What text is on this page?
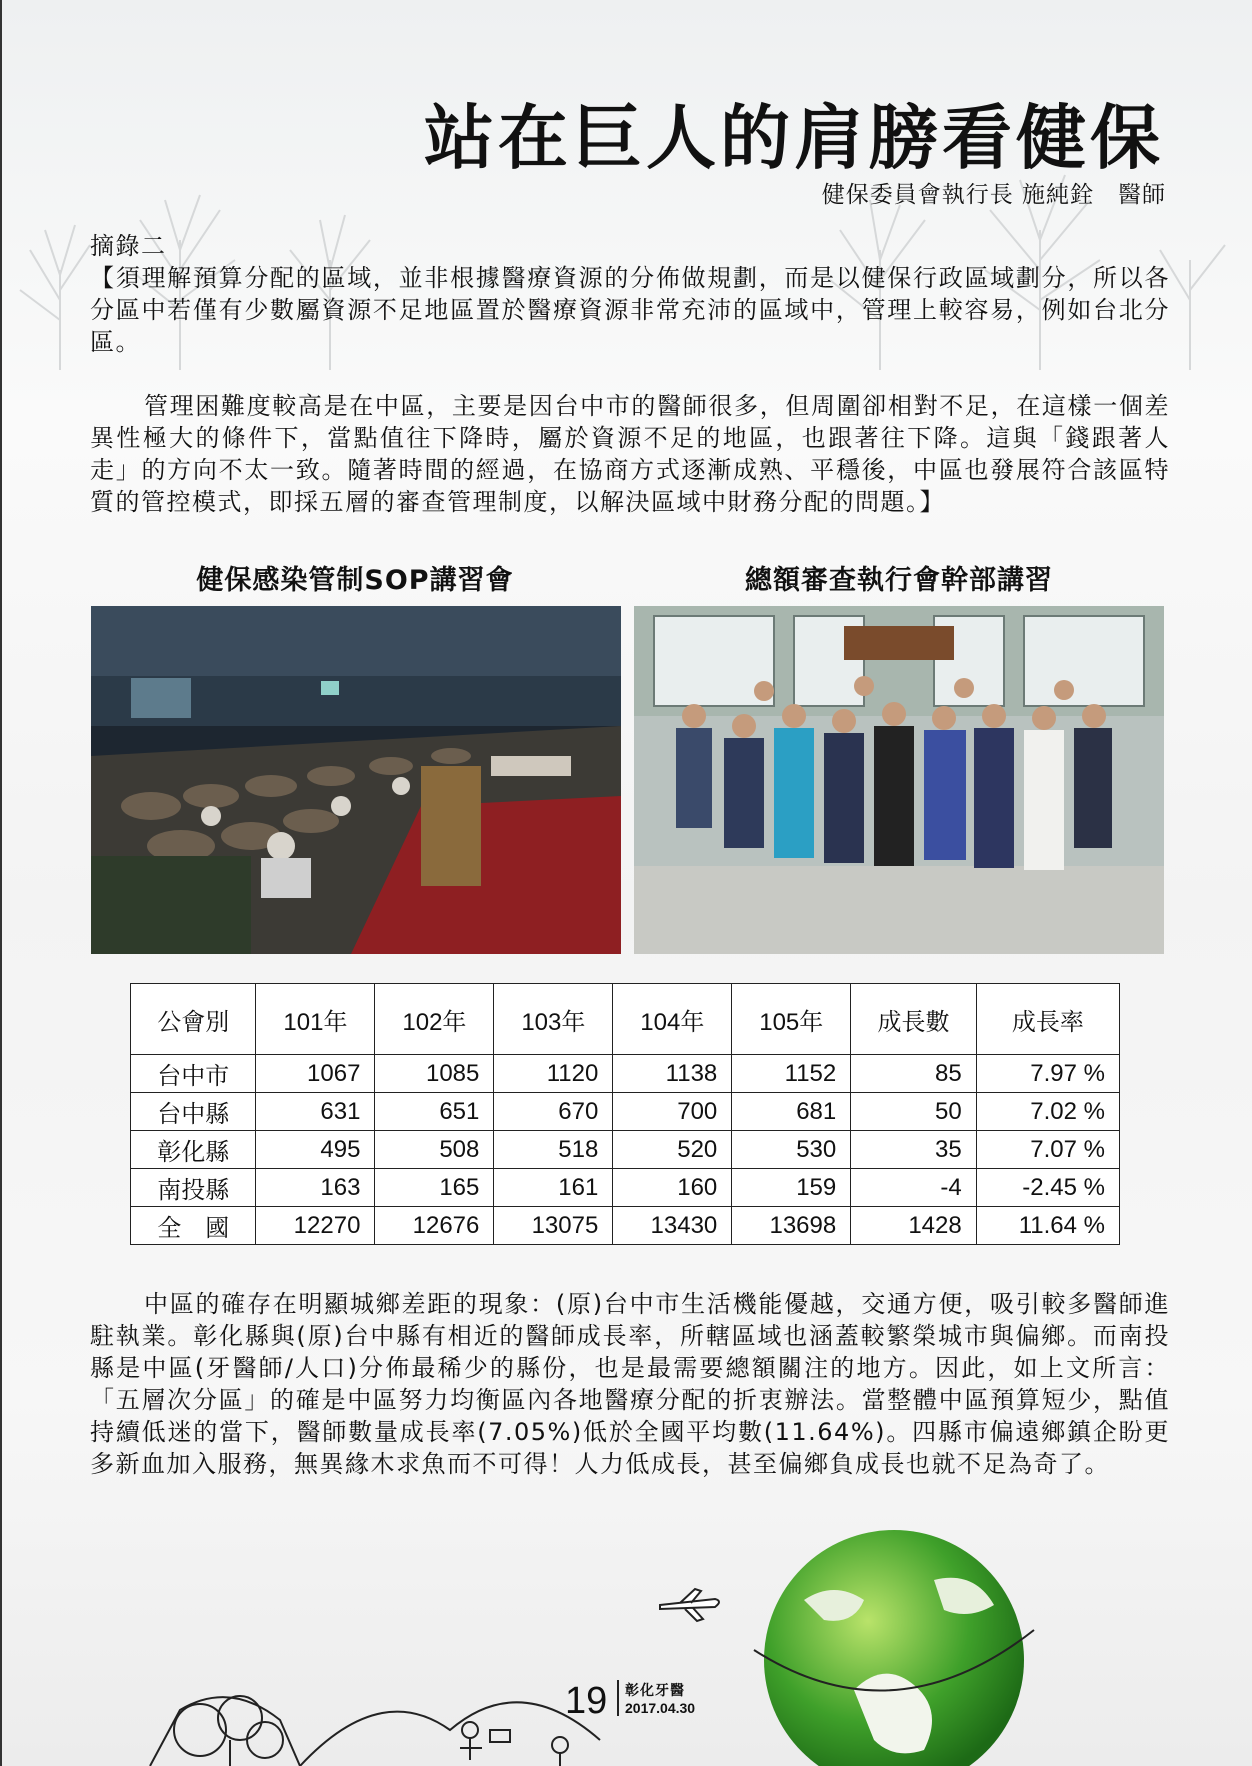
站在巨人的肩膀看健保
健保委員會執行長 施純銓　醫師
摘錄二
【須理解預算分配的區域，並非根據醫療資源的分佈做規劃，而是以健保行政區域劃分，所以各分區中若僅有少數屬資源不足地區置於醫療資源非常充沛的區域中，管理上較容易，例如台北分區。
管理困難度較高是在中區，主要是因台中市的醫師很多，但周圍卻相對不足，在這樣一個差異性極大的條件下，當點值往下降時，屬於資源不足的地區，也跟著往下降。這與「錢跟著人走」的方向不太一致。隨著時間的經過，在協商方式逐漸成熟、平穩後，中區也發展符合該區特質的管控模式，即採五層的審查管理制度，以解決區域中財務分配的問題。】
健保感染管制SOP講習會	總額審查執行會幹部講習
公會別	101年	102年	103年	104年	105年	成長數	成長率
台中市	1067	1085	1120	1138	1152	85	7.97 %
台中縣	631	651	670	700	681	50	7.02 %
彰化縣	495	508	518	520	530	35	7.07 %
南投縣	163	165	161	160	159	-4	-2.45 %
全　國	12270	12676	13075	13430	13698	1428	11.64 %
中區的確存在明顯城鄉差距的現象：(原)台中市生活機能優越，交通方便，吸引較多醫師進駐執業。彰化縣與(原)台中縣有相近的醫師成長率，所轄區域也涵蓋較繁榮城市與偏鄉。而南投縣是中區(牙醫師/人口)分佈最稀少的縣份，也是最需要總額關注的地方。因此，如上文所言：「五層次分區」的確是中區努力均衡區內各地醫療分配的折衷辦法。當整體中區預算短少，點值持續低迷的當下，醫師數量成長率(7.05%)低於全國平均數(11.64%)。四縣市偏遠鄉鎮企盼更多新血加入服務，無異緣木求魚而不可得！人力低成長，甚至偏鄉負成長也就不足為奇了。
19 彰化牙醫
2017.04.30
